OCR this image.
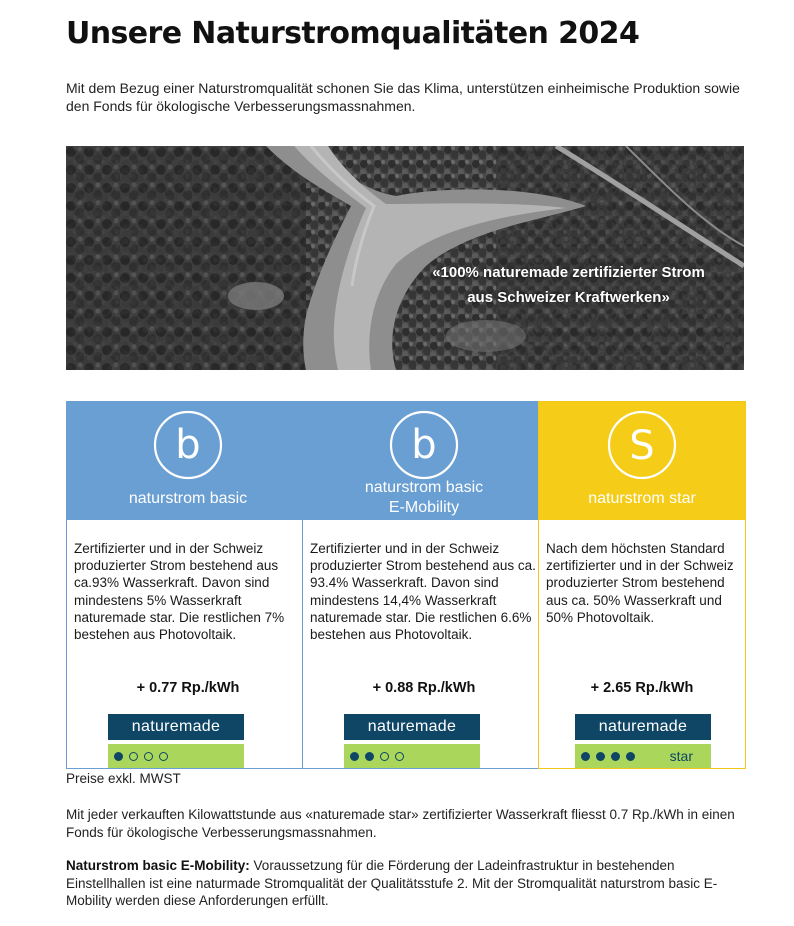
Unsere Naturstromqualitäten 2024

Mit dem Bezug einer Naturstromqualität schonen Sie das Klima, unterstützen einheimische Produktion sowie den Fonds für ökologische Verbesserungsmassnahmen.

«100% naturemade zertifizierter Strom
aus Schweizer Kraftwerken»
b
naturstrom basic
Zertifizierter und in der Schweiz produzierter Strom bestehend aus ca.93% Wasserkraft. Davon sind mindestens 5% Wasserkraft naturemade star. Die restlichen 7% bestehen aus Photovoltaik.
+ 0.77 Rp./kWh
naturemade
b
naturstrom basic
E-Mobility
Zertifizierter und in der Schweiz produzierter Strom bestehend aus ca. 93.4% Wasserkraft. Davon sind mindestens 14,4% Wasserkraft naturemade star. Die restlichen 6.6% bestehen aus Photovoltaik.
+ 0.88 Rp./kWh
naturemade
S
naturstrom star
Nach dem höchsten Standard zertifizierter und in der Schweiz produzierter Strom bestehend aus ca. 50% Wasserkraft und 50% Photovoltaik.
+ 2.65 Rp./kWh
naturemade
star
Preise exkl. MWST

Mit jeder verkauften Kilowattstunde aus «naturemade star» zertifizierter Wasserkraft fliesst 0.7 Rp./kWh in einen Fonds für ökologische Verbesserungsmassnahmen.

Naturstrom basic E-Mobility: Voraussetzung für die Förderung der Ladeinfrastruktur in bestehenden Einstellhallen ist eine naturmade Stromqualität der Qualitätsstufe 2. Mit der Stromqualität naturstrom basic E-Mobility werden diese Anforderungen erfüllt.
